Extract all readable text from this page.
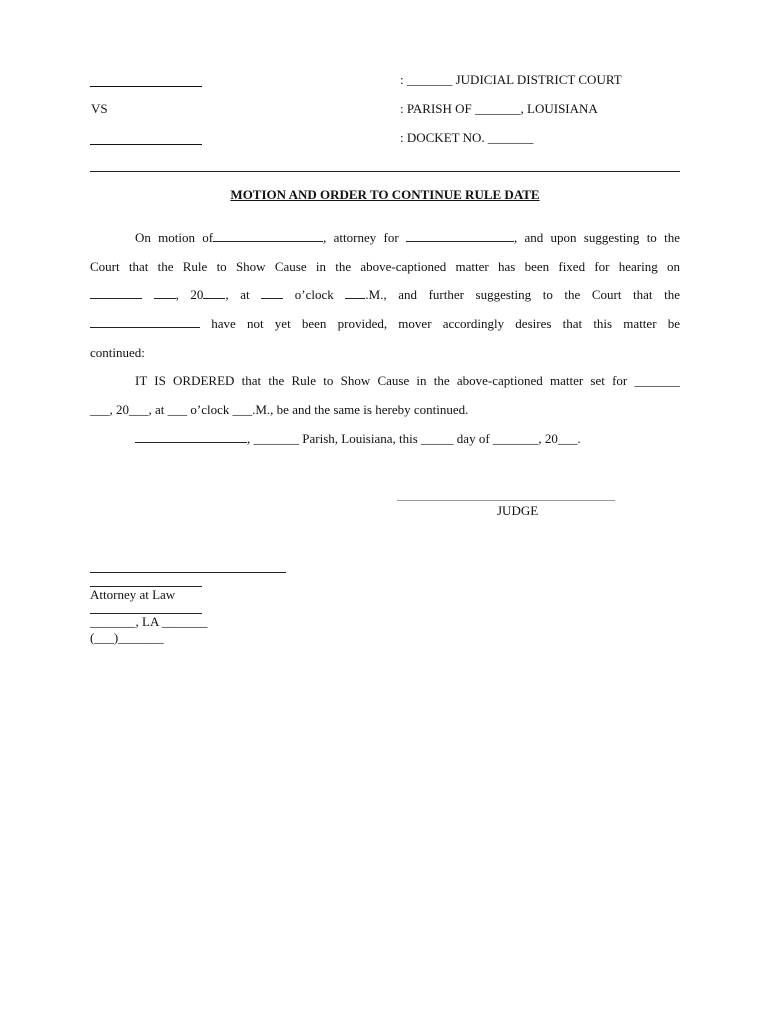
: _______ JUDICIAL DISTRICT COURT
VS	: PARISH OF _______, LOUISIANA
: DOCKET NO. _______
MOTION AND ORDER TO CONTINUE RULE DATE
On motion of	, attorney for	, and upon suggesting to the
Court that the Rule to Show Cause in the above-captioned matter has been fixed for hearing on
, 20 , at	o’clock .M., and further suggesting to the Court that the
have not yet been provided, mover accordingly desires that this matter be
continued:
IT IS ORDERED that the Rule to Show Cause in the above-captioned matter set for _______
___, 20___, at ___ o’clock ___.M., be and the same is hereby continued.
, _______ Parish, Louisiana, this _____ day of _______, 20___.
JUDGE
Attorney at Law
_______, LA _______
(___)_______
